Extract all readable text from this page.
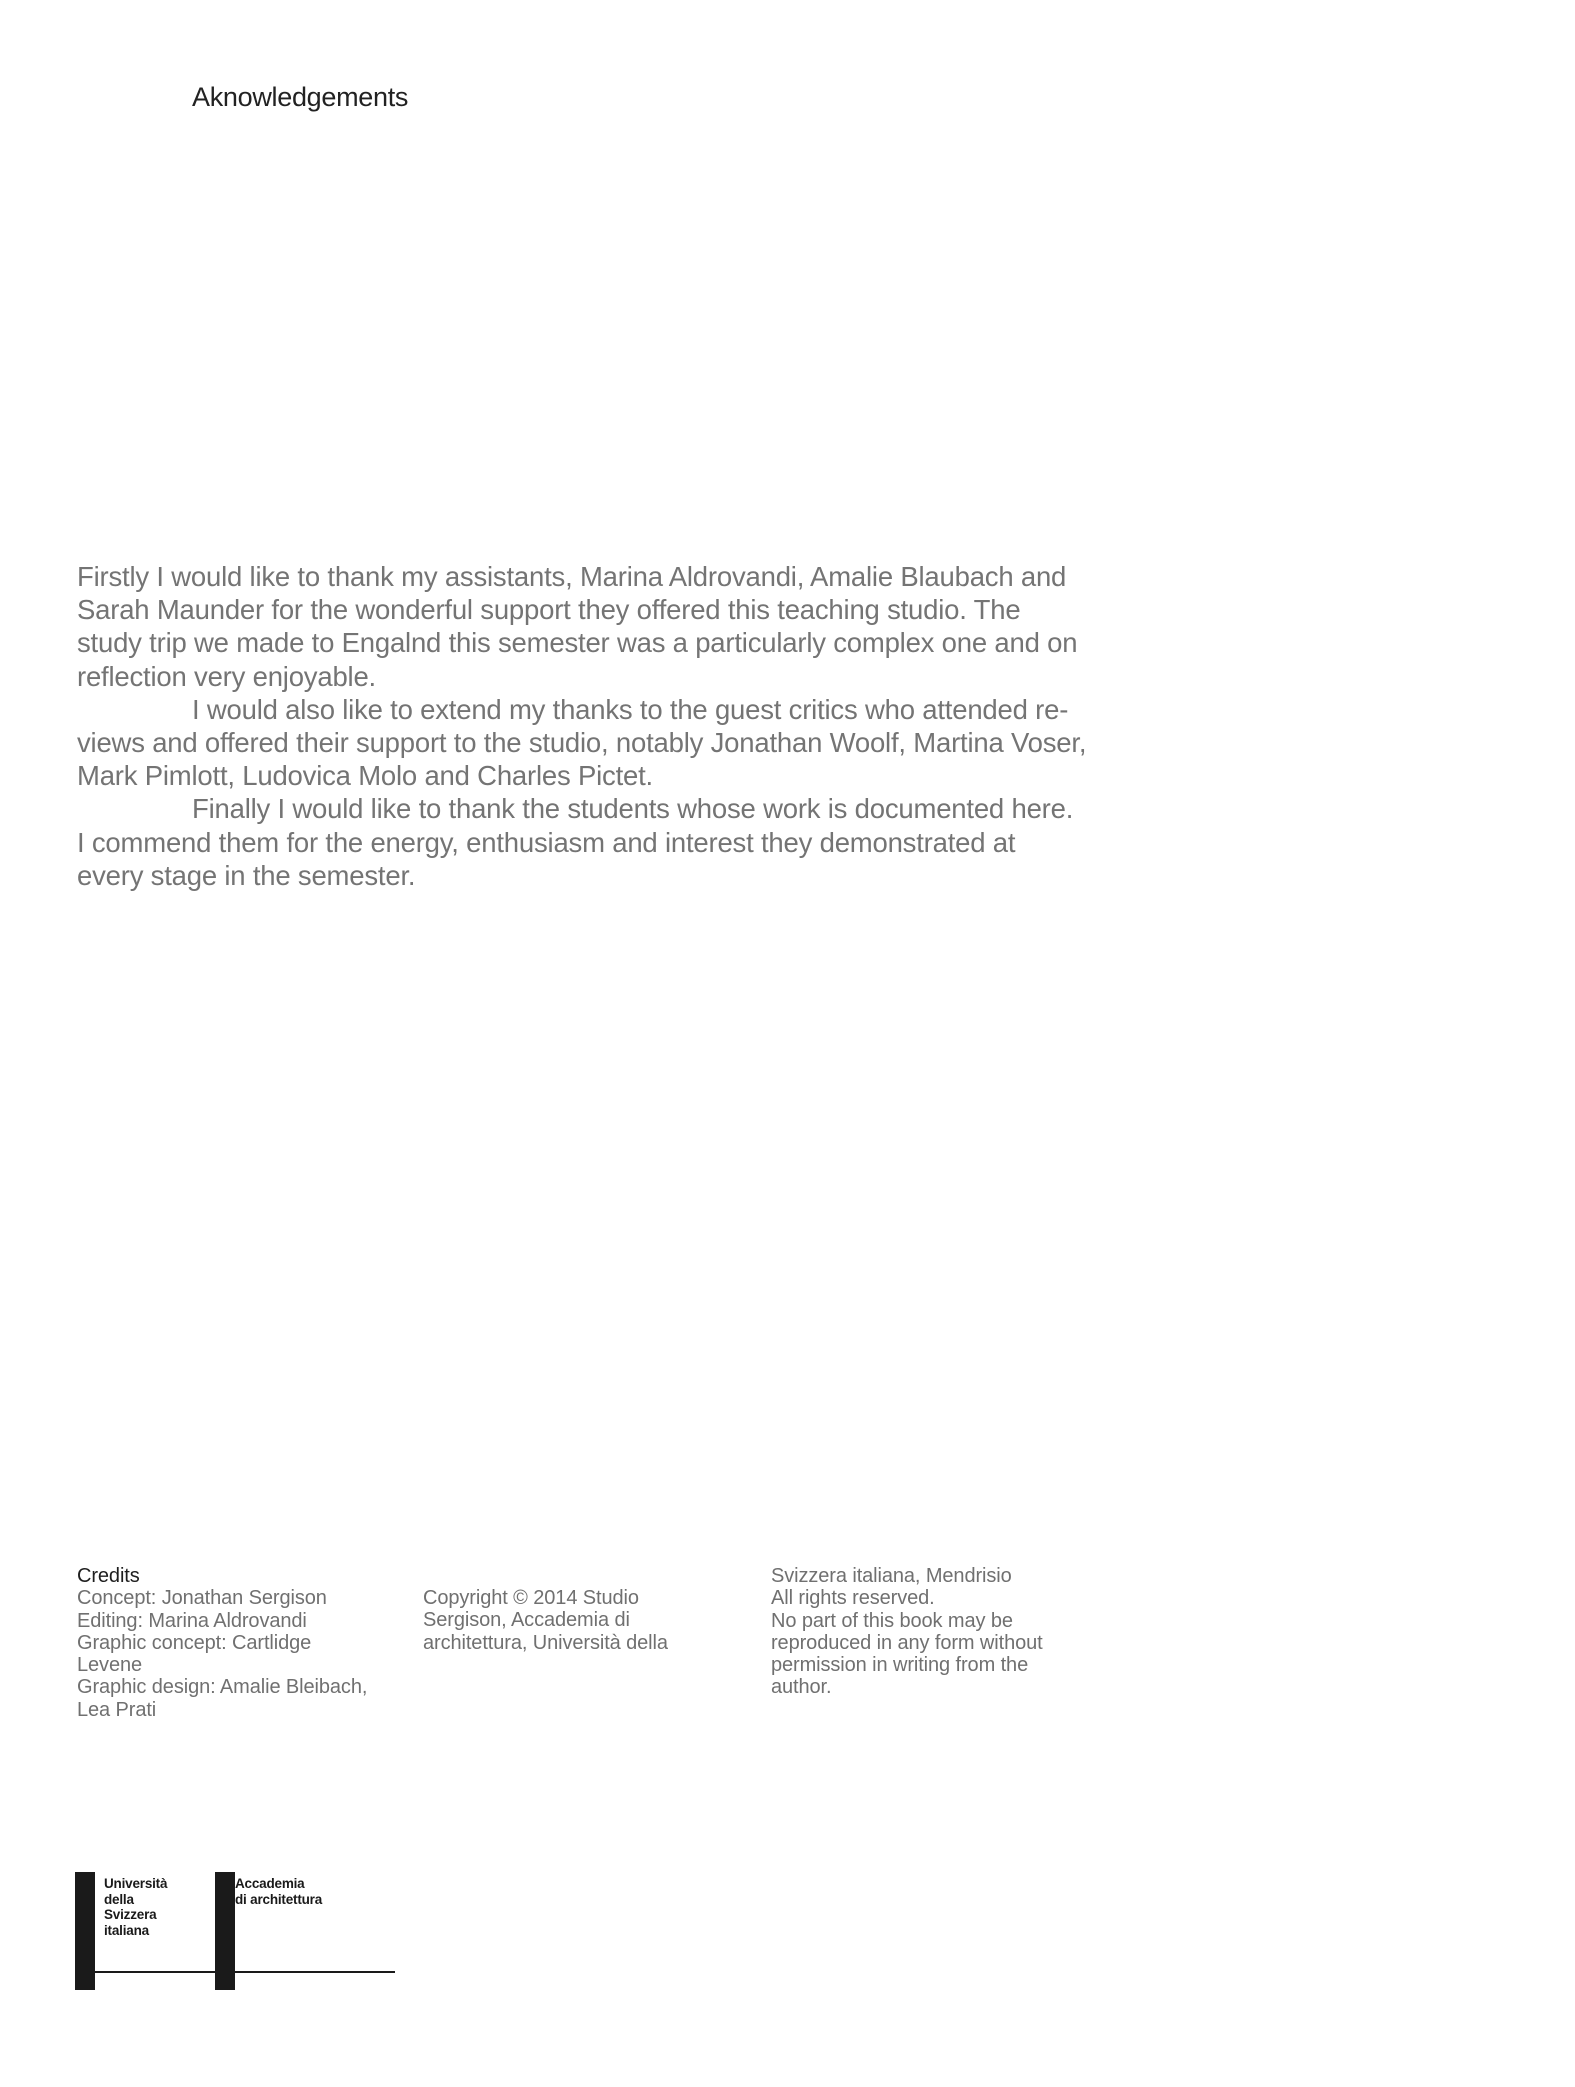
Aknowledgements

Firstly I would like to thank my assistants, Marina Aldrovandi, Amalie Blaubach and Sarah Maunder for the wonderful support they offered this teaching studio. The study trip we made to Engalnd this semester was a particularly complex one and on reflection very enjoyable.

I would also like to extend my thanks to the guest critics who attended re-views and offered their support to the studio, notably Jonathan Woolf, Martina Voser, Mark Pimlott, Ludovica Molo and Charles Pictet.

Finally I would like to thank the students whose work is documented here. I commend them for the energy, enthusiasm and interest they demonstrated at every stage in the semester.

Credits
Concept: Jonathan Sergison
Editing: Marina Aldrovandi
Graphic concept: Cartlidge
Levene
Graphic design: Amalie Bleibach,
Lea Prati
Copyright © 2014 Studio
Sergison, Accademia di
architettura, Università della
Svizzera italiana, Mendrisio
All rights reserved.
No part of this book may be
reproduced in any form without
permission in writing from the
author.
Università
della
Svizzera
italiana
Accademia
di architettura
